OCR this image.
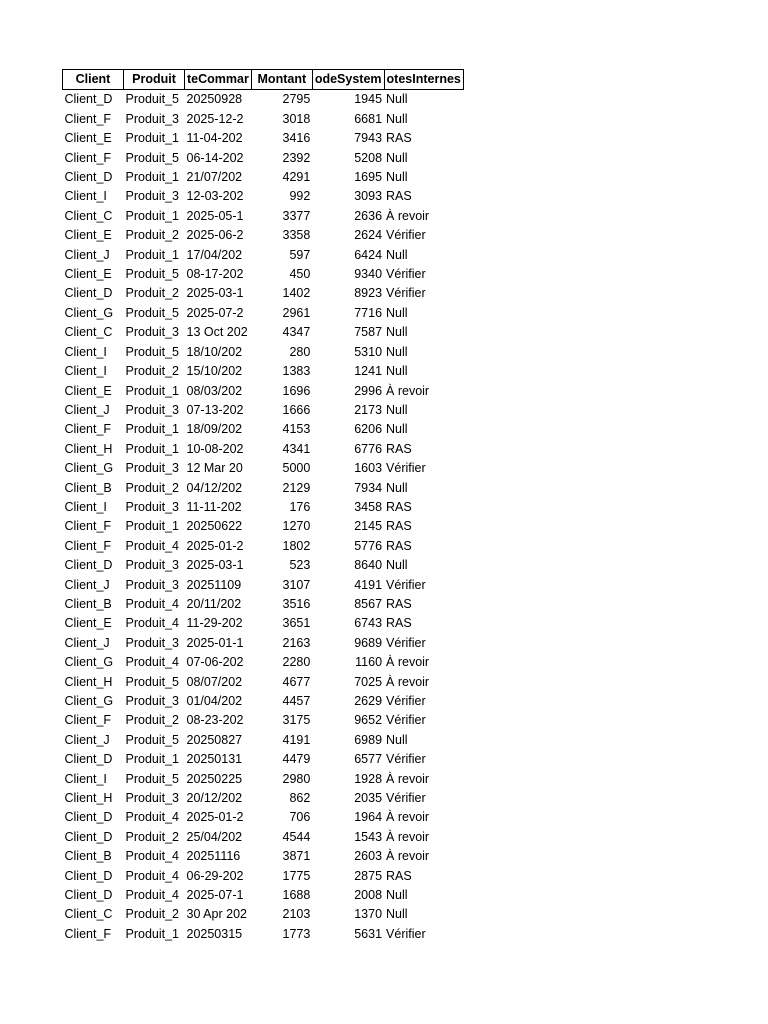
Client	Produit	teCommar	Montant	odeSystem	otesInternes
Client_D	Produit_5	20250928	2795	1945	Null
Client_F	Produit_3	2025-12-2	3018	6681	Null
Client_E	Produit_1	11-04-202	3416	7943	RAS
Client_F	Produit_5	06-14-202	2392	5208	Null
Client_D	Produit_1	21/07/202	4291	1695	Null
Client_I	Produit_3	12-03-202	992	3093	RAS
Client_C	Produit_1	2025-05-1	3377	2636	À revoir
Client_E	Produit_2	2025-06-2	3358	2624	Vérifier
Client_J	Produit_1	17/04/202	597	6424	Null
Client_E	Produit_5	08-17-202	450	9340	Vérifier
Client_D	Produit_2	2025-03-1	1402	8923	Vérifier
Client_G	Produit_5	2025-07-2	2961	7716	Null
Client_C	Produit_3	13 Oct 202	4347	7587	Null
Client_I	Produit_5	18/10/202	280	5310	Null
Client_I	Produit_2	15/10/202	1383	1241	Null
Client_E	Produit_1	08/03/202	1696	2996	À revoir
Client_J	Produit_3	07-13-202	1666	2173	Null
Client_F	Produit_1	18/09/202	4153	6206	Null
Client_H	Produit_1	10-08-202	4341	6776	RAS
Client_G	Produit_3	12 Mar 20	5000	1603	Vérifier
Client_B	Produit_2	04/12/202	2129	7934	Null
Client_I	Produit_3	11-11-202	176	3458	RAS
Client_F	Produit_1	20250622	1270	2145	RAS
Client_F	Produit_4	2025-01-2	1802	5776	RAS
Client_D	Produit_3	2025-03-1	523	8640	Null
Client_J	Produit_3	20251109	3107	4191	Vérifier
Client_B	Produit_4	20/11/202	3516	8567	RAS
Client_E	Produit_4	11-29-202	3651	6743	RAS
Client_J	Produit_3	2025-01-1	2163	9689	Vérifier
Client_G	Produit_4	07-06-202	2280	1160	À revoir
Client_H	Produit_5	08/07/202	4677	7025	À revoir
Client_G	Produit_3	01/04/202	4457	2629	Vérifier
Client_F	Produit_2	08-23-202	3175	9652	Vérifier
Client_J	Produit_5	20250827	4191	6989	Null
Client_D	Produit_1	20250131	4479	6577	Vérifier
Client_I	Produit_5	20250225	2980	1928	À revoir
Client_H	Produit_3	20/12/202	862	2035	Vérifier
Client_D	Produit_4	2025-01-2	706	1964	À revoir
Client_D	Produit_2	25/04/202	4544	1543	À revoir
Client_B	Produit_4	20251116	3871	2603	À revoir
Client_D	Produit_4	06-29-202	1775	2875	RAS
Client_D	Produit_4	2025-07-1	1688	2008	Null
Client_C	Produit_2	30 Apr 202	2103	1370	Null
Client_F	Produit_1	20250315	1773	5631	Vérifier
